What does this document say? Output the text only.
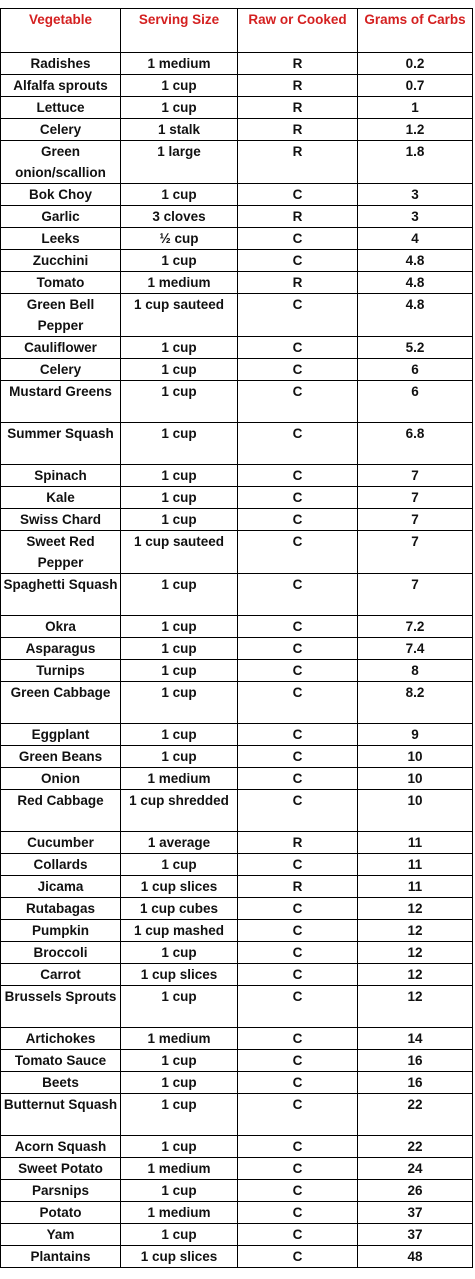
Vegetable	Serving Size	Raw or Cooked	Grams of Carbs
Radishes	1 medium	R	0.2
Alfalfa sprouts	1 cup	R	0.7
Lettuce	1 cup	R	1
Celery	1 stalk	R	1.2
Green onion/scallion	1 large	R	1.8
Bok Choy	1 cup	C	3
Garlic	3 cloves	R	3
Leeks	½ cup	C	4
Zucchini	1 cup	C	4.8
Tomato	1 medium	R	4.8
Green Bell Pepper	1 cup sauteed	C	4.8
Cauliflower	1 cup	C	5.2
Celery	1 cup	C	6
Mustard Greens	1 cup	C	6
Summer Squash	1 cup	C	6.8
Spinach	1 cup	C	7
Kale	1 cup	C	7
Swiss Chard	1 cup	C	7
Sweet Red Pepper	1 cup sauteed	C	7
Spaghetti Squash	1 cup	C	7
Okra	1 cup	C	7.2
Asparagus	1 cup	C	7.4
Turnips	1 cup	C	8
Green Cabbage	1 cup	C	8.2
Eggplant	1 cup	C	9
Green Beans	1 cup	C	10
Onion	1 medium	C	10
Red Cabbage	1 cup shredded	C	10
Cucumber	1 average	R	11
Collards	1 cup	C	11
Jicama	1 cup slices	R	11
Rutabagas	1 cup cubes	C	12
Pumpkin	1 cup mashed	C	12
Broccoli	1 cup	C	12
Carrot	1 cup slices	C	12
Brussels Sprouts	1 cup	C	12
Artichokes	1 medium	C	14
Tomato Sauce	1 cup	C	16
Beets	1 cup	C	16
Butternut Squash	1 cup	C	22
Acorn Squash	1 cup	C	22
Sweet Potato	1 medium	C	24
Parsnips	1 cup	C	26
Potato	1 medium	C	37
Yam	1 cup	C	37
Plantains	1 cup slices	C	48
